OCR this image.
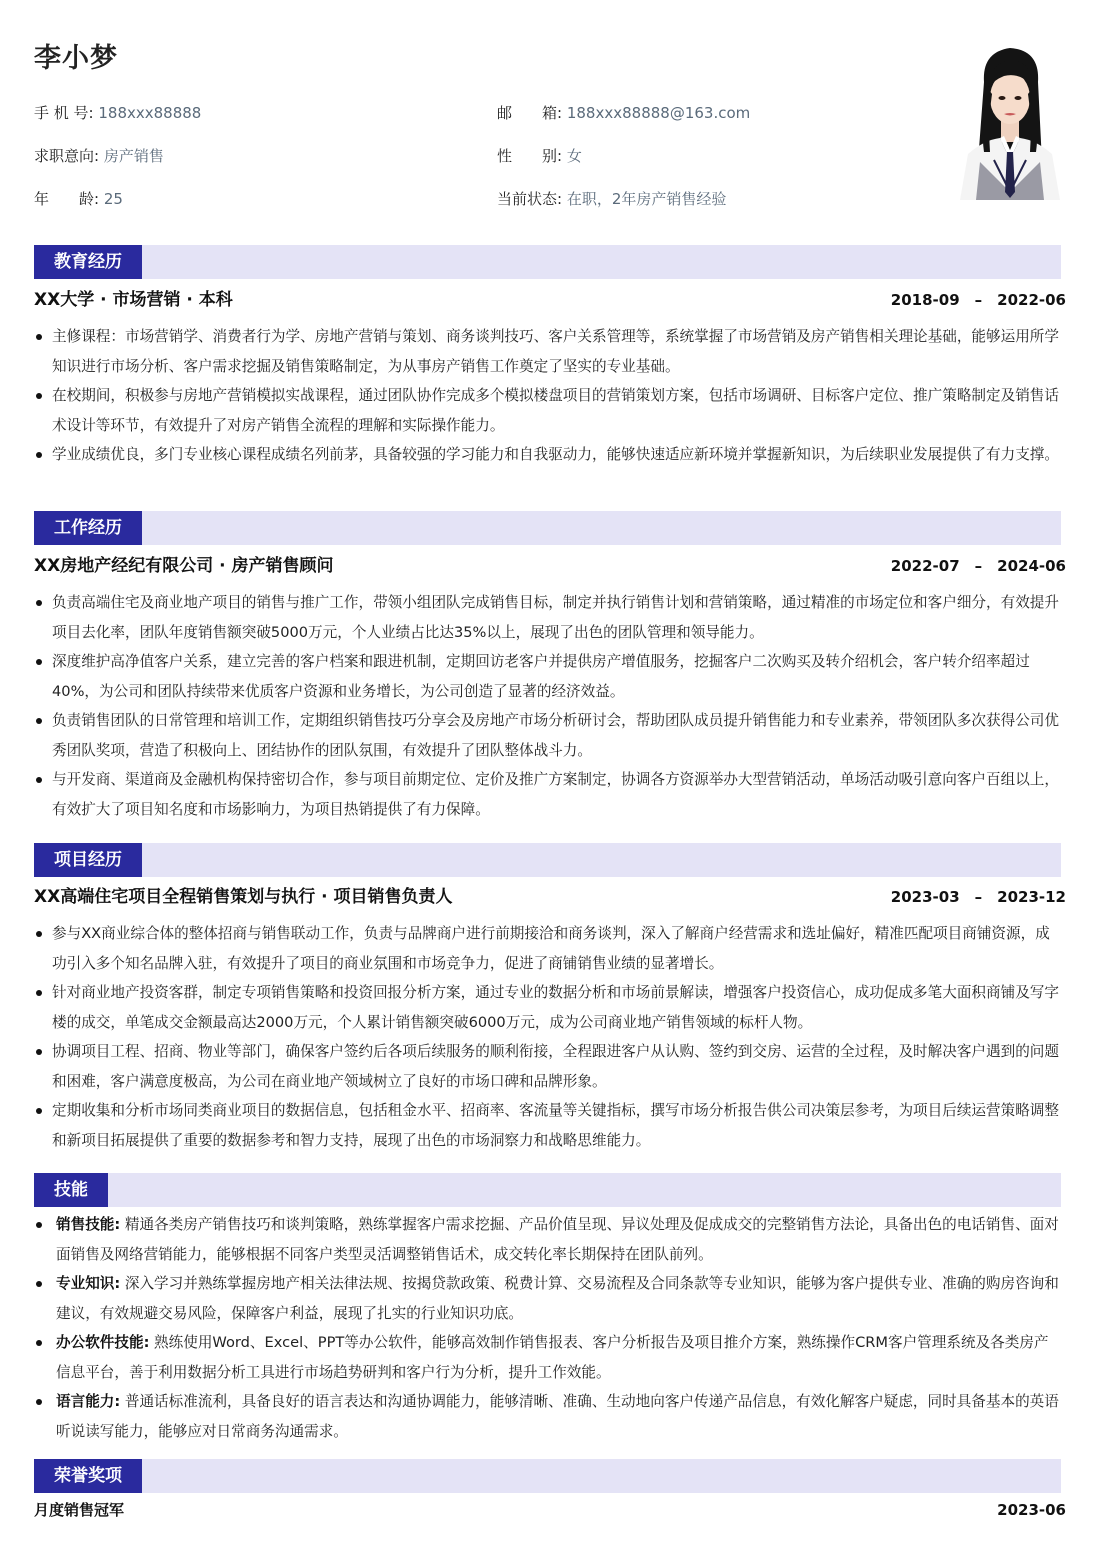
李小梦
手 机 号: 188xxx88888	邮　　箱: 188xxx88888@163.com
求职意向: 房产销售	性　　别: 女
年　　龄: 25	当前状态: 在职，2年房产销售经验
教育经历
XX大学 · 市场营销 · 本科	2018-09　–　2022-06
主修课程：市场营销学、消费者行为学、房地产营销与策划、商务谈判技巧、客户关系管理等，系统掌握了市场营销及房产销售相关理论基础，能够运用所学知识进行市场分析、客户需求挖掘及销售策略制定，为从事房产销售工作奠定了坚实的专业基础。
在校期间，积极参与房地产营销模拟实战课程，通过团队协作完成多个模拟楼盘项目的营销策划方案，包括市场调研、目标客户定位、推广策略制定及销售话术设计等环节，有效提升了对房产销售全流程的理解和实际操作能力。
学业成绩优良，多门专业核心课程成绩名列前茅，具备较强的学习能力和自我驱动力，能够快速适应新环境并掌握新知识，为后续职业发展提供了有力支撑。
工作经历
XX房地产经纪有限公司 · 房产销售顾问	2022-07　–　2024-06
负责高端住宅及商业地产项目的销售与推广工作，带领小组团队完成销售目标，制定并执行销售计划和营销策略，通过精准的市场定位和客户细分，有效提升项目去化率，团队年度销售额突破5000万元，个人业绩占比达35%以上，展现了出色的团队管理和领导能力。
深度维护高净值客户关系，建立完善的客户档案和跟进机制，定期回访老客户并提供房产增值服务，挖掘客户二次购买及转介绍机会，客户转介绍率超过40%，为公司和团队持续带来优质客户资源和业务增长，为公司创造了显著的经济效益。
负责销售团队的日常管理和培训工作，定期组织销售技巧分享会及房地产市场分析研讨会，帮助团队成员提升销售能力和专业素养，带领团队多次获得公司优秀团队奖项，营造了积极向上、团结协作的团队氛围，有效提升了团队整体战斗力。
与开发商、渠道商及金融机构保持密切合作，参与项目前期定位、定价及推广方案制定，协调各方资源举办大型营销活动，单场活动吸引意向客户百组以上，有效扩大了项目知名度和市场影响力，为项目热销提供了有力保障。
项目经历
XX高端住宅项目全程销售策划与执行 · 项目销售负责人	2023-03　–　2023-12
参与XX商业综合体的整体招商与销售联动工作，负责与品牌商户进行前期接洽和商务谈判，深入了解商户经营需求和选址偏好，精准匹配项目商铺资源，成功引入多个知名品牌入驻，有效提升了项目的商业氛围和市场竞争力，促进了商铺销售业绩的显著增长。
针对商业地产投资客群，制定专项销售策略和投资回报分析方案，通过专业的数据分析和市场前景解读，增强客户投资信心，成功促成多笔大面积商铺及写字楼的成交，单笔成交金额最高达2000万元，个人累计销售额突破6000万元，成为公司商业地产销售领域的标杆人物。
协调项目工程、招商、物业等部门，确保客户签约后各项后续服务的顺利衔接，全程跟进客户从认购、签约到交房、运营的全过程，及时解决客户遇到的问题和困难，客户满意度极高，为公司在商业地产领域树立了良好的市场口碑和品牌形象。
定期收集和分析市场同类商业项目的数据信息，包括租金水平、招商率、客流量等关键指标，撰写市场分析报告供公司决策层参考，为项目后续运营策略调整和新项目拓展提供了重要的数据参考和智力支持，展现了出色的市场洞察力和战略思维能力。
技能
销售技能: 精通各类房产销售技巧和谈判策略，熟练掌握客户需求挖掘、产品价值呈现、异议处理及促成成交的完整销售方法论，具备出色的电话销售、面对面销售及网络营销能力，能够根据不同客户类型灵活调整销售话术，成交转化率长期保持在团队前列。
专业知识: 深入学习并熟练掌握房地产相关法律法规、按揭贷款政策、税费计算、交易流程及合同条款等专业知识，能够为客户提供专业、准确的购房咨询和建议，有效规避交易风险，保障客户利益，展现了扎实的行业知识功底。
办公软件技能: 熟练使用Word、Excel、PPT等办公软件，能够高效制作销售报表、客户分析报告及项目推介方案，熟练操作CRM客户管理系统及各类房产信息平台，善于利用数据分析工具进行市场趋势研判和客户行为分析，提升工作效能。
语言能力: 普通话标准流利，具备良好的语言表达和沟通协调能力，能够清晰、准确、生动地向客户传递产品信息，有效化解客户疑虑，同时具备基本的英语听说读写能力，能够应对日常商务沟通需求。
荣誉奖项
月度销售冠军	2023-06
